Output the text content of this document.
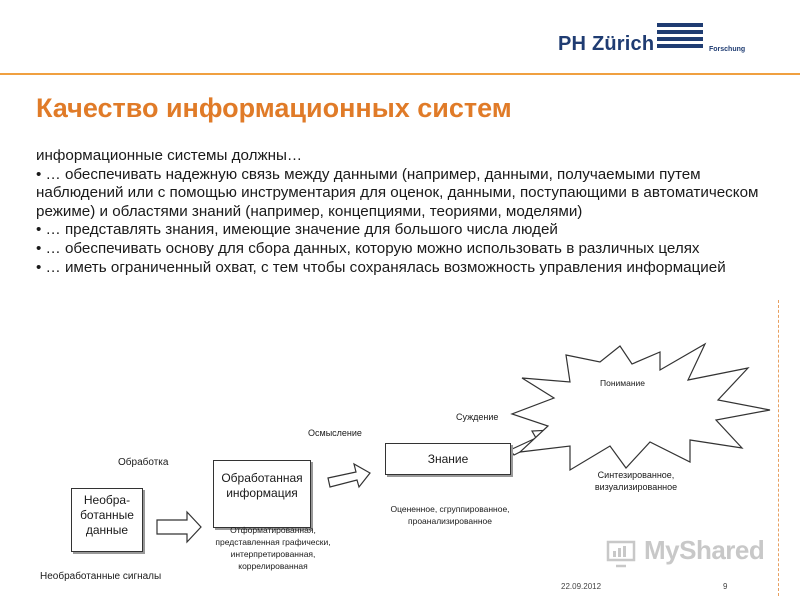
PH Zürich	Forschung
Качество информационных систем
информационные системы должны…
• … обеспечивать надежную связь между данными (например, данными, получаемыми путем наблюдений или с помощью инструментария для оценок, данными, поступающими в автоматическом режиме) и областями знаний (например, концепциями, теориями, моделями)
• … представлять знания, имеющие значение для большого числа людей
• … обеспечивать основу для сбора данных, которую можно использовать в различных целях
• … иметь ограниченный охват, с тем чтобы сохранялась возможность управления информацией
Необра-ботанные данные
Необработанные сигналы
Обработка
Обработанная информация
Отформатированная, представленная графически, интерпретированная, коррелированная
Осмысление
Знание
Оцененное, сгруппированное, проанализированное
Суждение
Понимание
Синтезированное, визуализированное
MyShared
22.09.2012	9
